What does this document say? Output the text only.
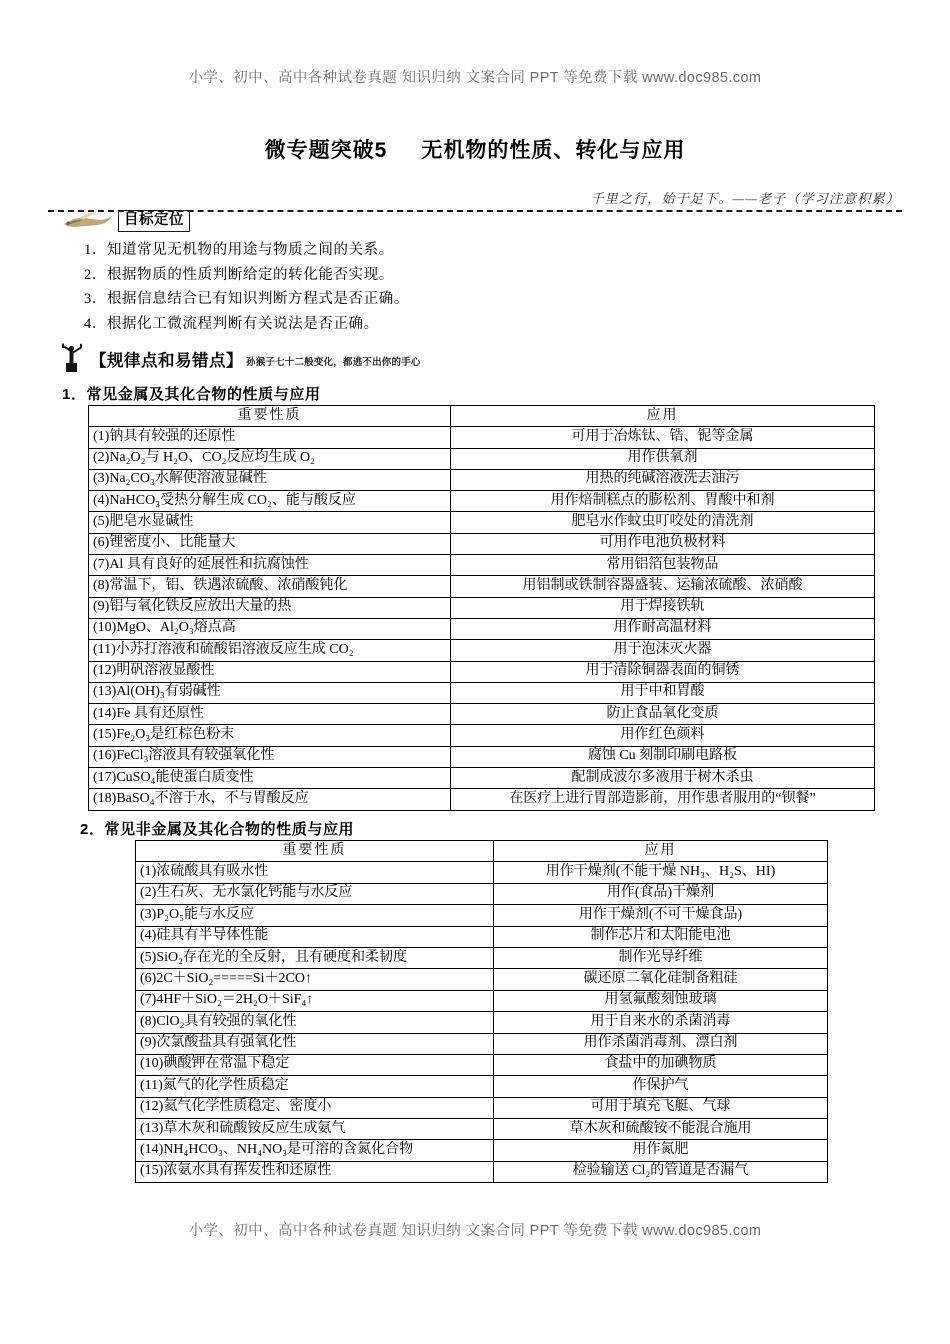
小学、初中、高中各种试卷真题 知识归纳 文案合同 PPT 等免费下载 www.doc985.com
微专题突破5 无机物的性质、转化与应用
千里之行，始于足下。——老子（学习注意积累）
目标定位
1．知道常见无机物的用途与物质之间的关系。
2．根据物质的性质判断给定的转化能否实现。
3．根据信息结合已有知识判断方程式是否正确。
4．根据化工微流程判断有关说法是否正确。
【规律点和易错点】 孙猴子七十二般变化，都逃不出你的手心
1．常见金属及其化合物的性质与应用
重要性质	应用
(1)钠具有较强的还原性	可用于冶炼钛、锆、铌等金属
(2)Na₂O₂与 H₂O、CO₂反应均生成 O₂	用作供氧剂
(3)Na₂CO₃水解使溶液显碱性	用热的纯碱溶液洗去油污
(4)NaHCO₃受热分解生成 CO₂、能与酸反应	用作焙制糕点的膨松剂、胃酸中和剂
(5)肥皂水显碱性	肥皂水作蚊虫叮咬处的清洗剂
(6)锂密度小、比能量大	可用作电池负极材料
(7)Al 具有良好的延展性和抗腐蚀性	常用铝箔包装物品
(8)常温下，铝、铁遇浓硫酸、浓硝酸钝化	用铝制或铁制容器盛装、运输浓硫酸、浓硝酸
(9)铝与氧化铁反应放出大量的热	用于焊接铁轨
(10)MgO、Al₂O₃熔点高	用作耐高温材料
(11)小苏打溶液和硫酸铝溶液反应生成 CO₂	用于泡沫灭火器
(12)明矾溶液显酸性	用于清除铜器表面的铜锈
(13)Al(OH)₃有弱碱性	用于中和胃酸
(14)Fe 具有还原性	防止食品氧化变质
(15)Fe₂O₃是红棕色粉末	用作红色颜料
(16)FeCl₃溶液具有较强氧化性	腐蚀 Cu 刻制印刷电路板
(17)CuSO₄能使蛋白质变性	配制成波尔多液用于树木杀虫
(18)BaSO₄不溶于水，不与胃酸反应	在医疗上进行胃部造影前，用作患者服用的“钡餐”
2．常见非金属及其化合物的性质与应用
重要性质	应用
(1)浓硫酸具有吸水性	用作干燥剂(不能干燥 NH₃、H₂S、HI)
(2)生石灰、无水氯化钙能与水反应	用作(食品)干燥剂
(3)P₂O₅能与水反应	用作干燥剂(不可干燥食品)
(4)硅具有半导体性能	制作芯片和太阳能电池
(5)SiO₂存在光的全反射，且有硬度和柔韧度	制作光导纤维
(6)2C＋SiO₂=====Si＋2CO↑	碳还原二氧化硅制备粗硅
(7)4HF＋SiO₂＝2H₂O＋SiF₄↑	用氢氟酸刻蚀玻璃
(8)ClO₂具有较强的氧化性	用于自来水的杀菌消毒
(9)次氯酸盐具有强氧化性	用作杀菌消毒剂、漂白剂
(10)碘酸钾在常温下稳定	食盐中的加碘物质
(11)氮气的化学性质稳定	作保护气
(12)氦气化学性质稳定、密度小	可用于填充飞艇、气球
(13)草木灰和硫酸铵反应生成氨气	草木灰和硫酸铵不能混合施用
(14)NH₄HCO₃、NH₄NO₃是可溶的含氮化合物	用作氮肥
(15)浓氨水具有挥发性和还原性	检验输送 Cl₂的管道是否漏气
小学、初中、高中各种试卷真题 知识归纳 文案合同 PPT 等免费下载 www.doc985.com
